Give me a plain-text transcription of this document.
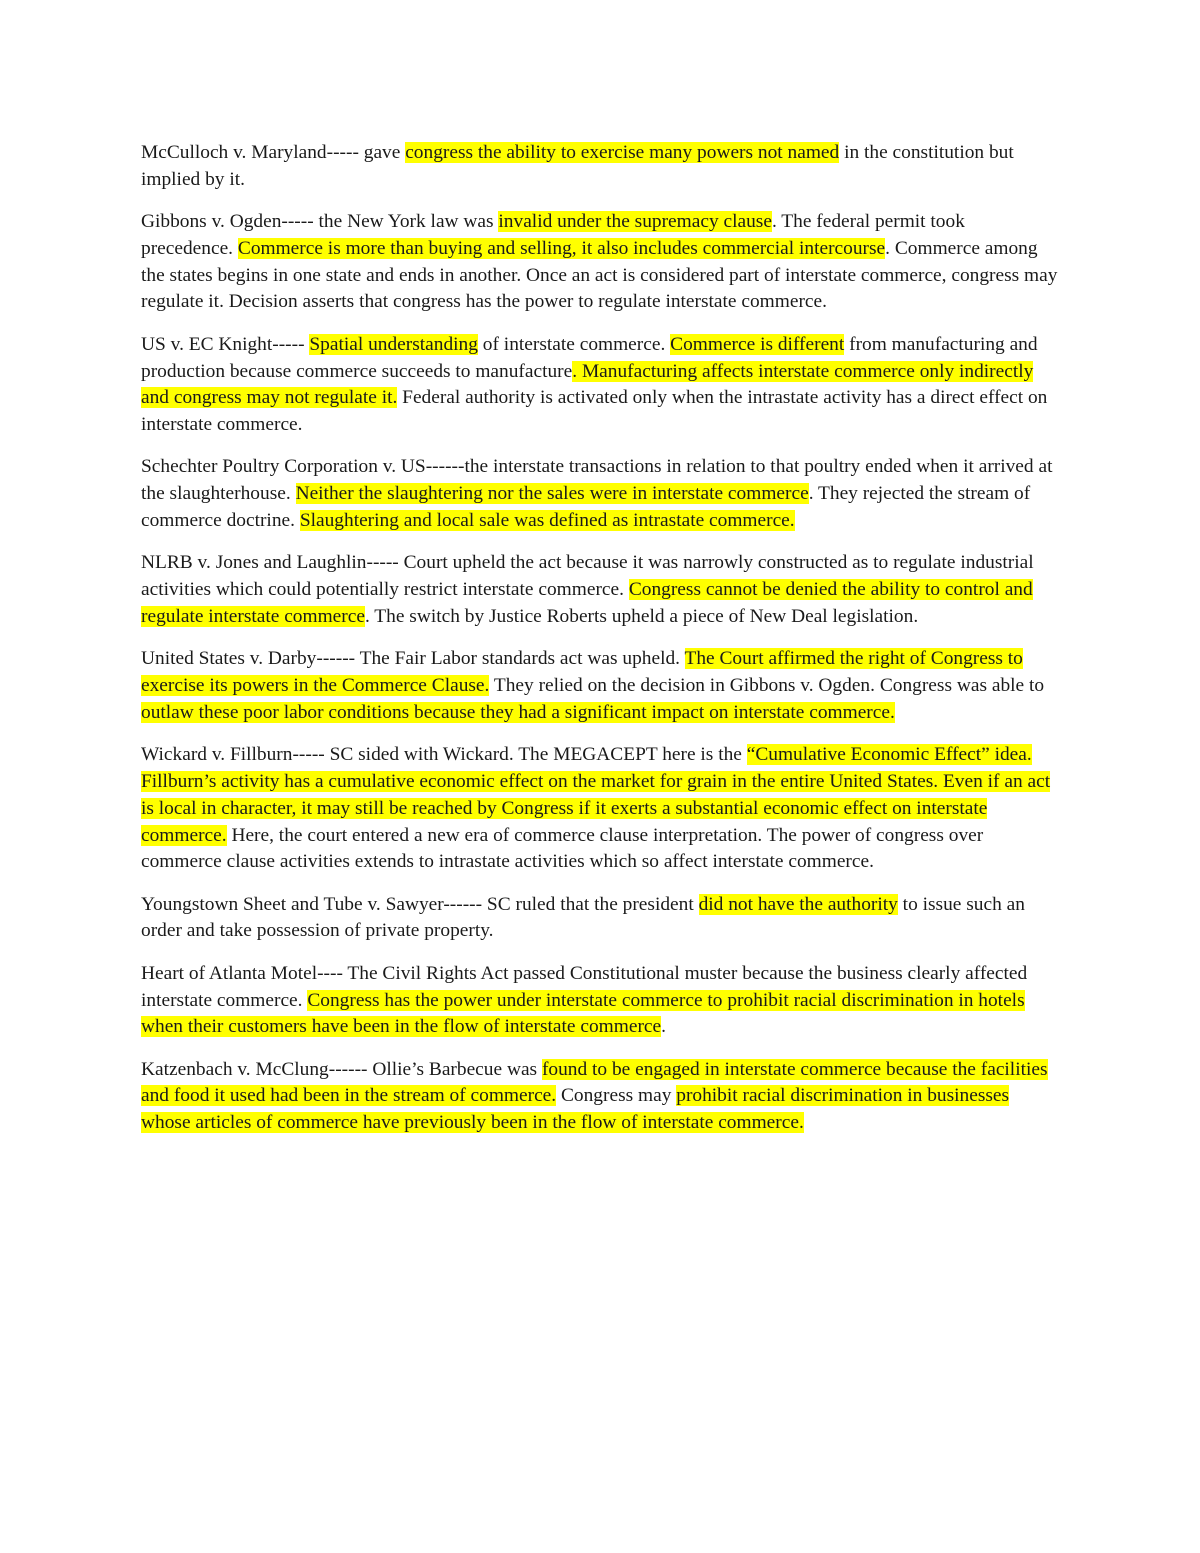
McCulloch v. Maryland----- gave congress the ability to exercise many powers not named in the constitution but implied by it.

Gibbons v. Ogden----- the New York law was invalid under the supremacy clause. The federal permit took precedence. Commerce is more than buying and selling, it also includes commercial intercourse. Commerce among the states begins in one state and ends in another. Once an act is considered part of interstate commerce, congress may regulate it. Decision asserts that congress has the power to regulate interstate commerce.

US v. EC Knight----- Spatial understanding of interstate commerce. Commerce is different from manufacturing and production because commerce succeeds to manufacture. Manufacturing affects interstate commerce only indirectly and congress may not regulate it. Federal authority is activated only when the intrastate activity has a direct effect on interstate commerce.

Schechter Poultry Corporation v. US------the interstate transactions in relation to that poultry ended when it arrived at the slaughterhouse. Neither the slaughtering nor the sales were in interstate commerce. They rejected the stream of commerce doctrine. Slaughtering and local sale was defined as intrastate commerce.

NLRB v. Jones and Laughlin----- Court upheld the act because it was narrowly constructed as to regulate industrial activities which could potentially restrict interstate commerce. Congress cannot be denied the ability to control and regulate interstate commerce. The switch by Justice Roberts upheld a piece of New Deal legislation.

United States v. Darby------ The Fair Labor standards act was upheld. The Court affirmed the right of Congress to exercise its powers in the Commerce Clause. They relied on the decision in Gibbons v. Ogden. Congress was able to outlaw these poor labor conditions because they had a significant impact on interstate commerce.

Wickard v. Fillburn----- SC sided with Wickard. The MEGACEPT here is the “Cumulative Economic Effect” idea. Fillburn’s activity has a cumulative economic effect on the market for grain in the entire United States. Even if an act is local in character, it may still be reached by Congress if it exerts a substantial economic effect on interstate commerce. Here, the court entered a new era of commerce clause interpretation. The power of congress over commerce clause activities extends to intrastate activities which so affect interstate commerce.

Youngstown Sheet and Tube v. Sawyer------ SC ruled that the president did not have the authority to issue such an order and take possession of private property.

Heart of Atlanta Motel---- The Civil Rights Act passed Constitutional muster because the business clearly affected interstate commerce. Congress has the power under interstate commerce to prohibit racial discrimination in hotels when their customers have been in the flow of interstate commerce.

Katzenbach v. McClung------ Ollie’s Barbecue was found to be engaged in interstate commerce because the facilities and food it used had been in the stream of commerce. Congress may prohibit racial discrimination in businesses whose articles of commerce have previously been in the flow of interstate commerce.
